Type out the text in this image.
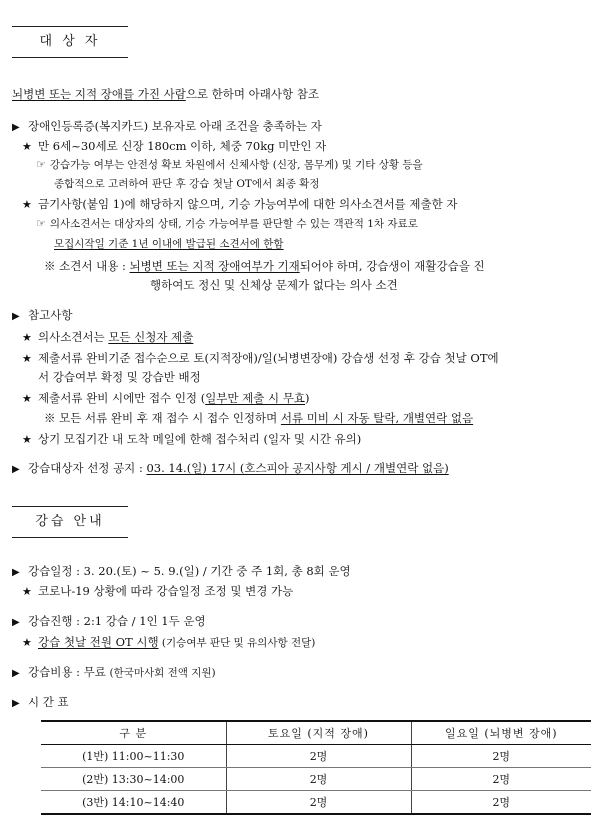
대 상 자
뇌병변 또는 지적 장애를 가진 사람으로 한하며 아래사항 참조
▶ 장애인등록증(복지카드) 보유자로 아래 조건을 충족하는 자
★ 만 6세~30세로 신장 180cm 이하, 체중 70kg 미만인 자
☞ 강습가능 여부는 안전성 확보 차원에서 신체사항 (신장, 몸무게) 및 기타 상황 등을
종합적으로 고려하여 판단 후 강습 첫날 OT에서 최종 확정
★ 금기사항(붙임 1)에 해당하지 않으며, 기승 가능여부에 대한 의사소견서를 제출한 자
☞ 의사소견서는 대상자의 상태, 기승 가능여부를 판단할 수 있는 객관적 1차 자료로
모집시작일 기준 1년 이내에 발급된 소견서에 한함
※ 소견서 내용 : 뇌병변 또는 지적 장애여부가 기재되어야 하며, 강습생이 재활강습을 진
행하여도 정신 및 신체상 문제가 없다는 의사 소견
▶ 참고사항
★ 의사소견서는 모든 신청자 제출
★ 제출서류 완비기준 접수순으로 토(지적장애)/일(뇌병변장애) 강습생 선정 후 강습 첫날 OT에
서 강습여부 확정 및 강습반 배정
★ 제출서류 완비 시에만 접수 인정 (일부만 제출 시 무효)
※ 모든 서류 완비 후 재 접수 시 접수 인정하며 서류 미비 시 자동 탈락, 개별연락 없음
★ 상기 모집기간 내 도착 메일에 한해 접수처리 (일자 및 시간 유의)
▶ 강습대상자 선정 공지 : 03. 14.(일) 17시 (호스피아 공지사항 게시 / 개별연락 없음)
강습 안내
▶ 강습일정 : 3. 20.(토) ~ 5. 9.(일) / 기간 중 주 1회, 총 8회 운영
★ 코로나-19 상황에 따라 강습일정 조정 및 변경 가능
▶ 강습진행 : 2:1 강습 / 1인 1두 운영
★ 강습 첫날 전원 OT 시행 (기승여부 판단 및 유의사항 전달)
▶ 강습비용 : 무료 (한국마사회 전액 지원)
▶ 시 간 표
구 분	토요일 (지적 장애)	일요일 (뇌병변 장애)
(1반) 11:00~11:30	2명	2명
(2반) 13:30~14:00	2명	2명
(3반) 14:10~14:40	2명	2명
